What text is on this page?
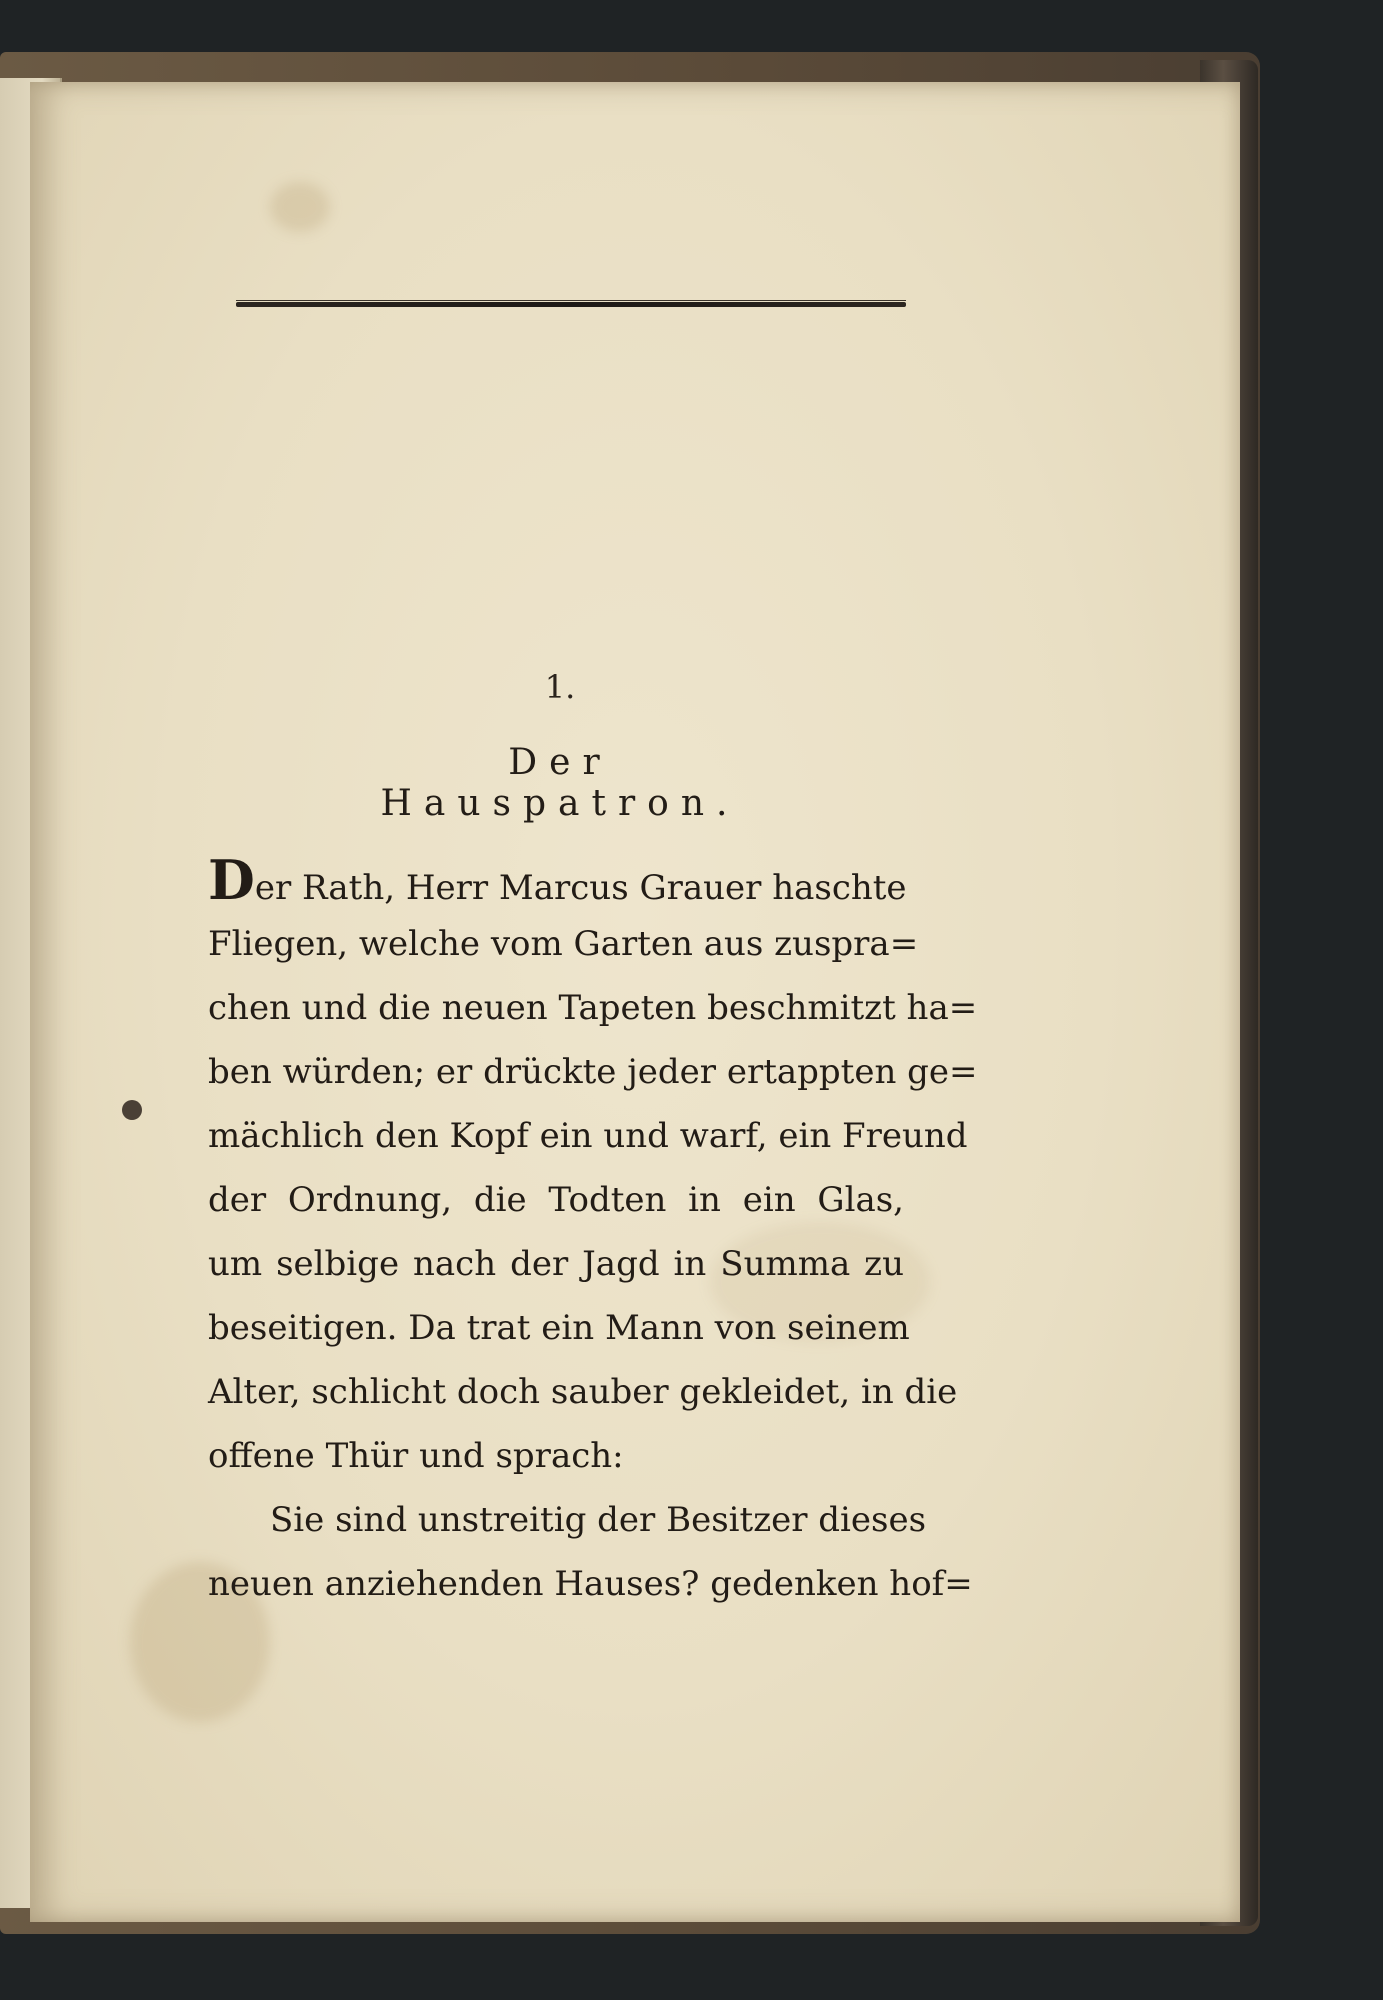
1.
Der Hauspatron.
Der Rath, Herr Marcus Grauer haschte
Fliegen, welche vom Garten aus zuspra=
chen und die neuen Tapeten beschmitzt ha=
ben würden; er drückte jeder ertappten ge=
mächlich den Kopf ein und warf, ein Freund
der Ordnung, die Todten in ein Glas,
um selbige nach der Jagd in Summa zu
beseitigen. Da trat ein Mann von seinem
Alter, schlicht doch sauber gekleidet, in die
offene Thür und sprach:
Sie sind unstreitig der Besitzer dieses
neuen anziehenden Hauses? gedenken hof=
